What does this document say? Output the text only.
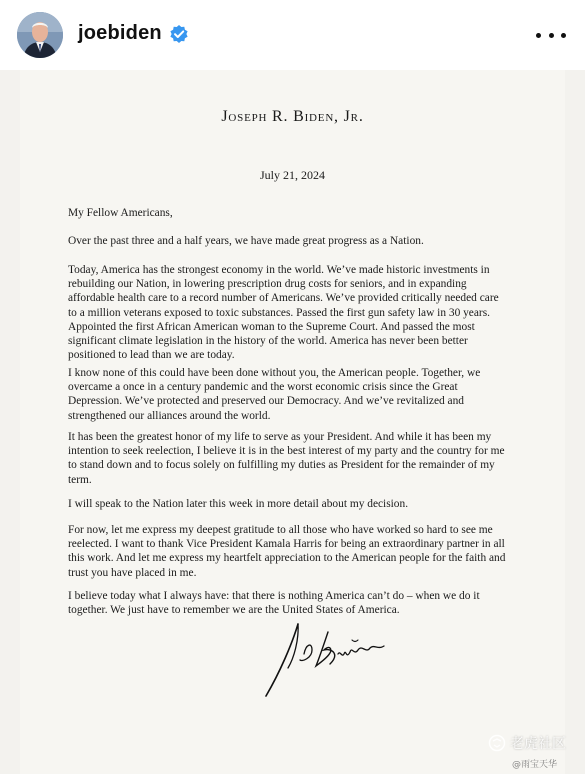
joebiden
Joseph R. Biden, Jr.
July 21, 2024

My Fellow Americans,

Over the past three and a half years, we have made great progress as a Nation.

Today, America has the strongest economy in the world. We’ve made historic investments in
rebuilding our Nation, in lowering prescription drug costs for seniors, and in expanding
affordable health care to a record number of Americans. We’ve provided critically needed care
to a million veterans exposed to toxic substances. Passed the first gun safety law in 30 years.
Appointed the first African American woman to the Supreme Court. And passed the most
significant climate legislation in the history of the world. America has never been better
positioned to lead than we are today.

I know none of this could have been done without you, the American people. Together, we
overcame a once in a century pandemic and the worst economic crisis since the Great
Depression. We’ve protected and preserved our Democracy. And we’ve revitalized and
strengthened our alliances around the world.

It has been the greatest honor of my life to serve as your President. And while it has been my
intention to seek reelection, I believe it is in the best interest of my party and the country for me
to stand down and to focus solely on fulfilling my duties as President for the remainder of my
term.

I will speak to the Nation later this week in more detail about my decision.

For now, let me express my deepest gratitude to all those who have worked so hard to see me
reelected. I want to thank Vice President Kamala Harris for being an extraordinary partner in all
this work. And let me express my heartfelt appreciation to the American people for the faith and
trust you have placed in me.

I believe today what I always have: that there is nothing America can’t do – when we do it
together. We just have to remember we are the United States of America.

老虎社区
@雨宝天华
